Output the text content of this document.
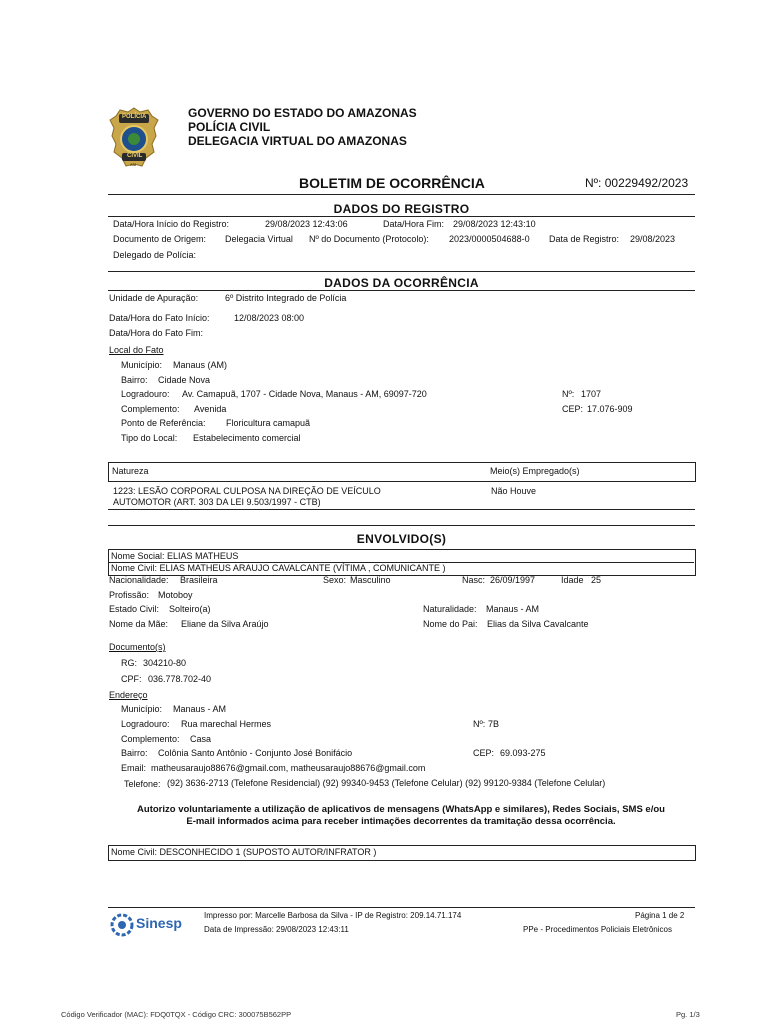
POLÍCIA
CIVIL
AM
GOVERNO DO ESTADO DO AMAZONAS
POLÍCIA CIVIL
DELEGACIA VIRTUAL DO AMAZONAS
BOLETIM DE OCORRÊNCIA	Nº: 00229492/2023
DADOS DO REGISTRO
Data/Hora Início do Registro:	29/08/2023 12:43:06	Data/Hora Fim: 29/08/2023 12:43:10
Documento de Origem: Delegacia Virtual Nº do Documento (Protocolo): 2023/0000504688-0 Data de Registro: 29/08/2023
Delegado de Polícia:
DADOS DA OCORRÊNCIA
Unidade de Apuração:	6º Distrito Integrado de Polícia
Data/Hora do Fato Início:	12/08/2023 08:00
Data/Hora do Fato Fim:
Local do Fato
Município: Manaus (AM)
Bairro: Cidade Nova
Logradouro: Av. Camapuã, 1707 - Cidade Nova, Manaus - AM, 69097-720	Nº: 1707
Complemento: Avenida	CEP: 17.076-909
Ponto de Referência: Floricultura camapuã
Tipo do Local: Estabelecimento comercial
Natureza	Meio(s) Empregado(s)
1223: LESÃO CORPORAL CULPOSA NA DIREÇÃO DE VEÍCULO
AUTOMOTOR (ART. 303 DA LEI 9.503/1997 - CTB)
Não Houve
ENVOLVIDO(S)
Nome Social: ELIAS MATHEUS
Nome Civil: ELIAS MATHEUS ARAUJO CAVALCANTE (VÍTIMA , COMUNICANTE )
Nacionalidade: Brasileira	Sexo: Masculino	Nasc: 26/09/1997	Idade 25
Profissão: Motoboy
Estado Civil: Solteiro(a)	Naturalidade: Manaus - AM
Nome da Mãe: Eliane da Silva Araújo	Nome do Pai: Elias da Silva Cavalcante
Documento(s)
RG: 304210-80
CPF: 036.778.702-40
Endereço
Município: Manaus - AM
Logradouro: Rua marechal Hermes	Nº: 7B
Complemento: Casa
Bairro: Colônia Santo Antônio - Conjunto José Bonifácio	CEP: 69.093-275
Email: matheusaraujo88676@gmail.com, matheusaraujo88676@gmail.com
Telefone: (92) 3636-2713 (Telefone Residencial) (92) 99340-9453 (Telefone Celular) (92) 99120-9384 (Telefone Celular)
Autorizo voluntariamente a utilização de aplicativos de mensagens (WhatsApp e similares), Redes Sociais, SMS e/ou
E-mail informados acima para receber intimações decorrentes da tramitação dessa ocorrência.
Nome Civil: DESCONHECIDO 1 (SUPOSTO AUTOR/INFRATOR )
Sinesp	Impresso por: Marcelle Barbosa da Silva - IP de Registro: 209.14.71.174
Data de Impressão: 29/08/2023 12:43:11
Página 1 de 2
PPe - Procedimentos Policiais Eletrônicos
Código Verificador (MAC): FDQ0TQX - Código CRC: 300075B562PP	Pg. 1/3
